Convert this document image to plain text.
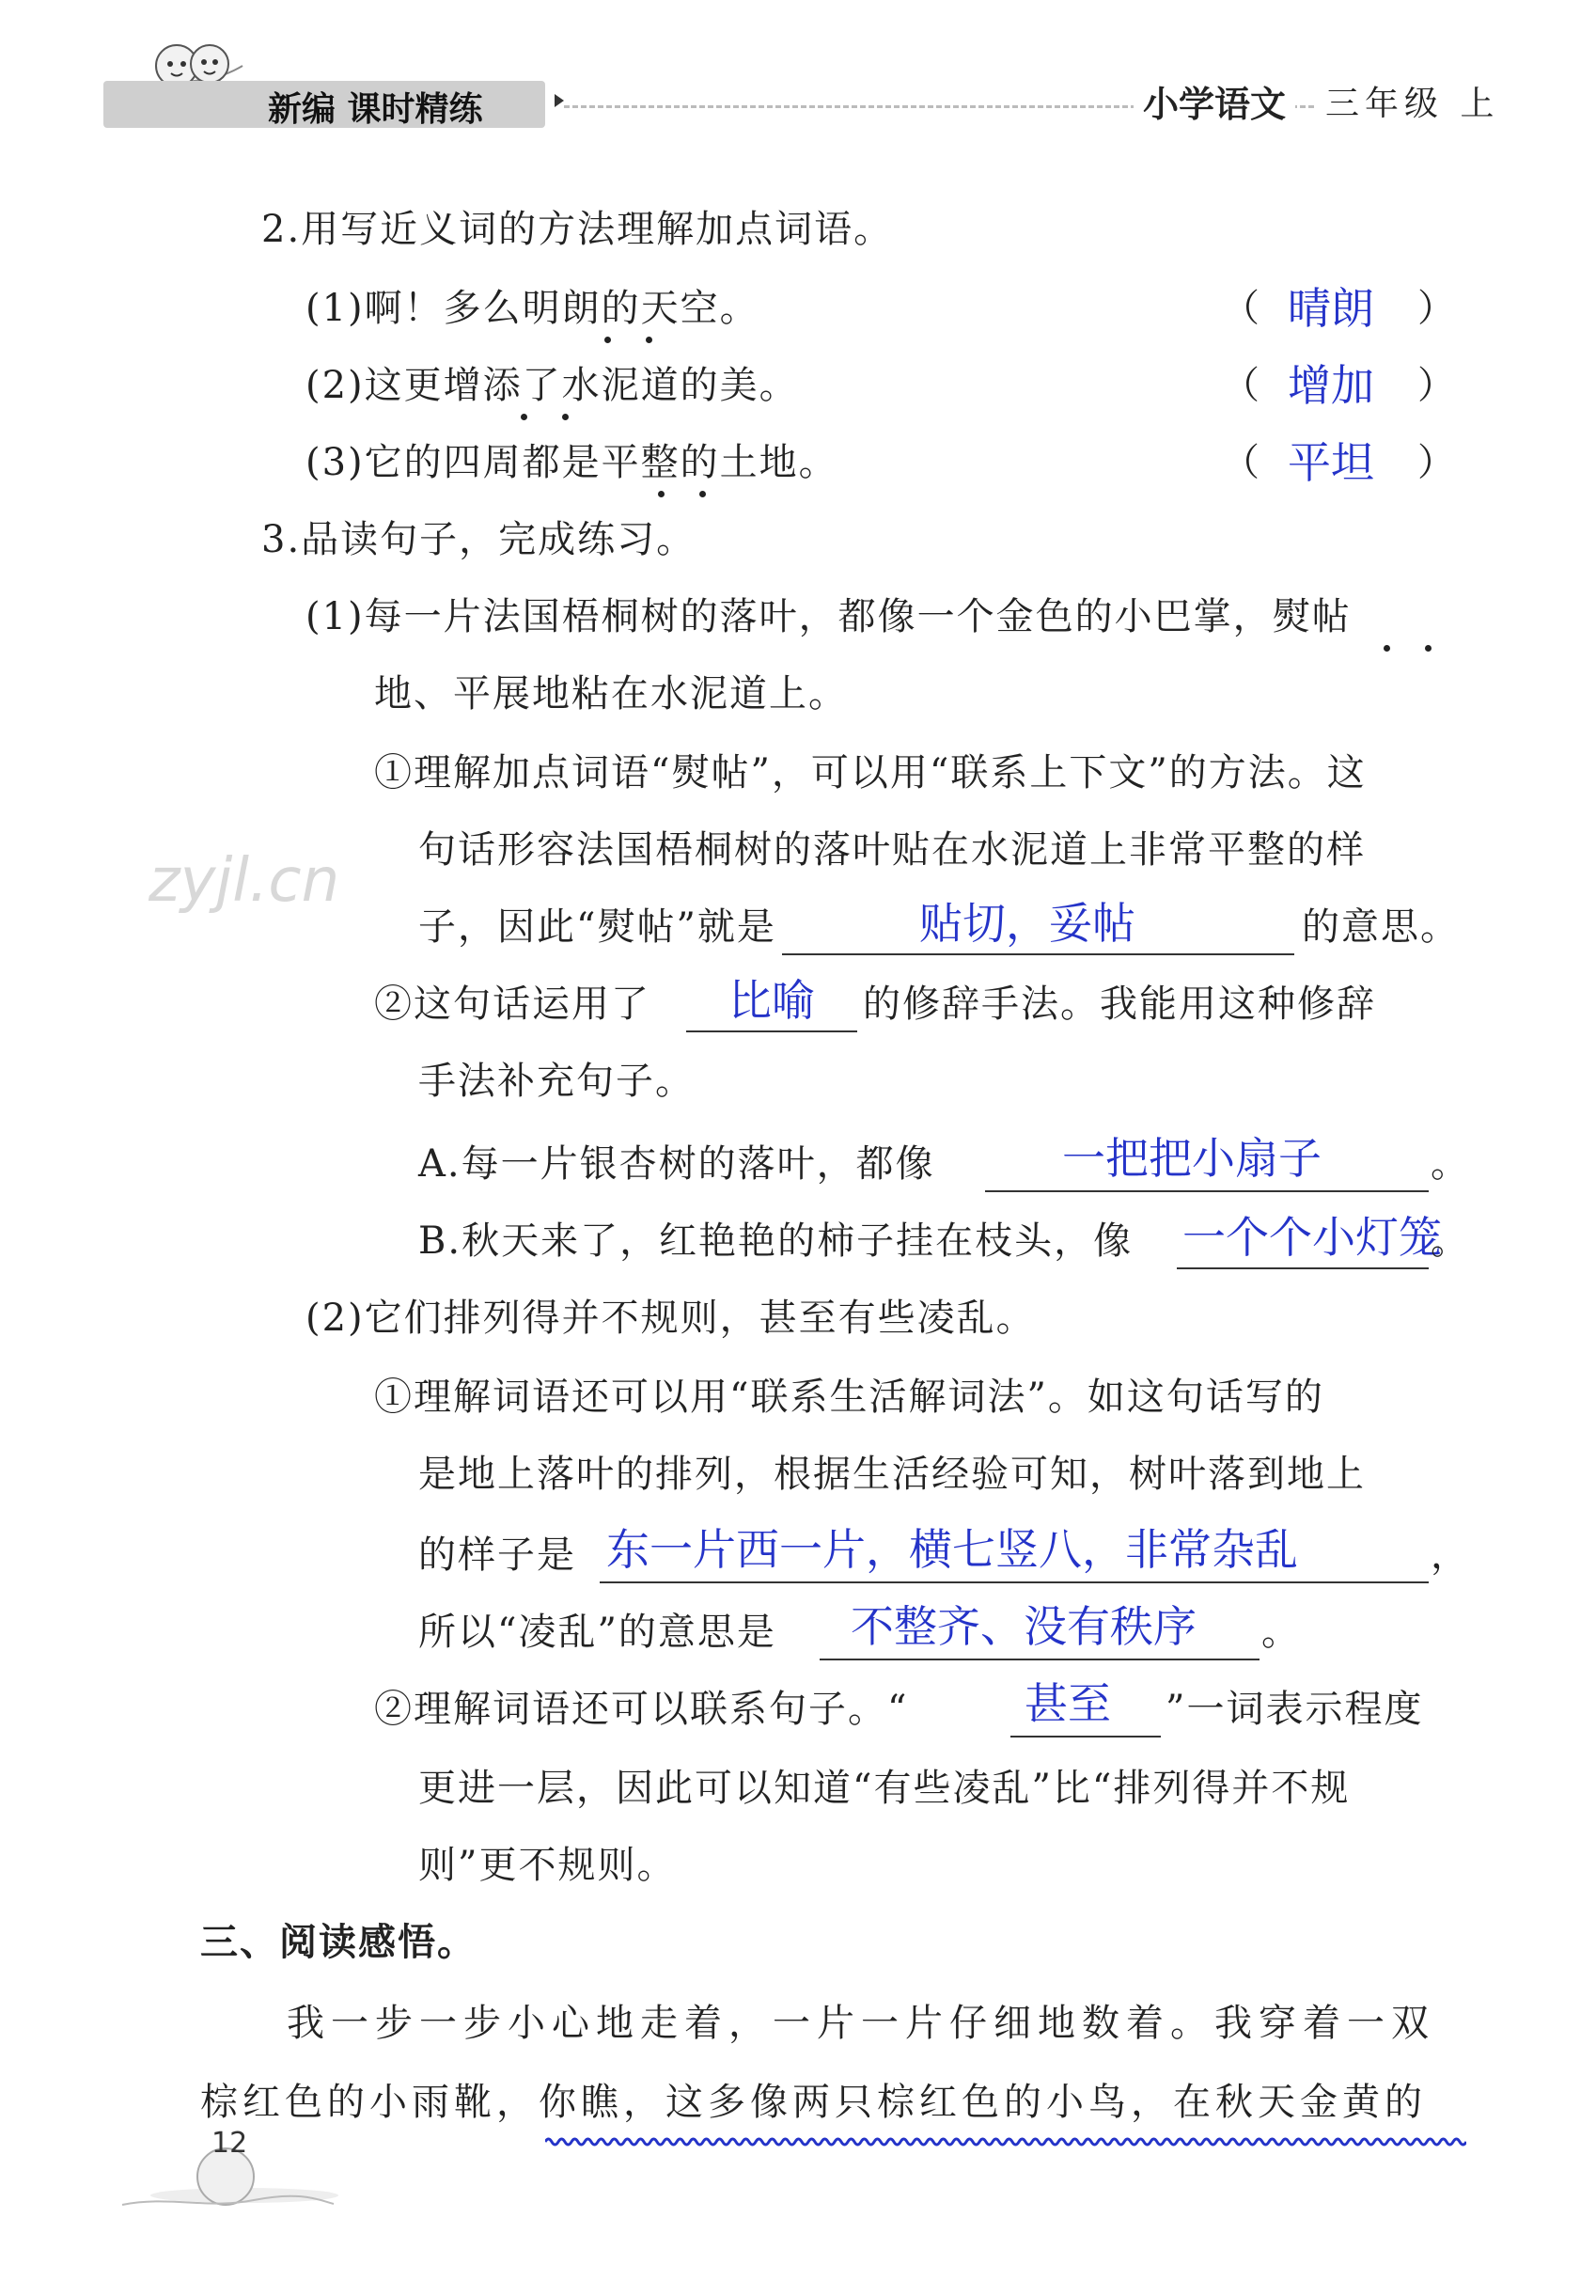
新编 课时精练	小学语文 三年级 上
zyjl.cn
2.用写近义词的方法理解加点词语。
(1)啊！多么明朗的天空。	（ 晴朗 ）
(2)这更增添了水泥道的美。	（ 增加 ）
(3)它的四周都是平整的土地。	（ 平坦 ）
3.品读句子，完成练习。
(1)每一片法国梧桐树的落叶，都像一个金色的小巴掌，熨帖
地、平展地粘在水泥道上。
①理解加点词语“熨帖”，可以用“联系上下文”的方法。这
句话形容法国梧桐树的落叶贴在水泥道上非常平整的样
子，因此“熨帖”就是	贴切，妥帖	的意思。
②这句话运用了 比喻 的修辞手法。我能用这种修辞
手法补充句子。
A.每一片银杏树的落叶，都像	一把把小扇子	。
B.秋天来了，红艳艳的柿子挂在枝头，像 一个个小灯笼
。
(2)它们排列得并不规则，甚至有些凌乱。
①理解词语还可以用“联系生活解词法”。如这句话写的
是地上落叶的排列，根据生活经验可知，树叶落到地上
的样子是 东一片西一片，横七竖八，非常杂乱	，
所以“凌乱”的意思是 不整齐、没有秩序 。
②理解词语还可以联系句子。“	甚至 ”一词表示程度
更进一层，因此可以知道“有些凌乱”比“排列得并不规
则”更不规则。
三、阅读感悟。
我一步一步小心地走着，一片一片仔细地数着。我穿着一双
棕红色的小雨靴，你瞧，这多像两只棕红色的小鸟，在秋天金黄的
12
